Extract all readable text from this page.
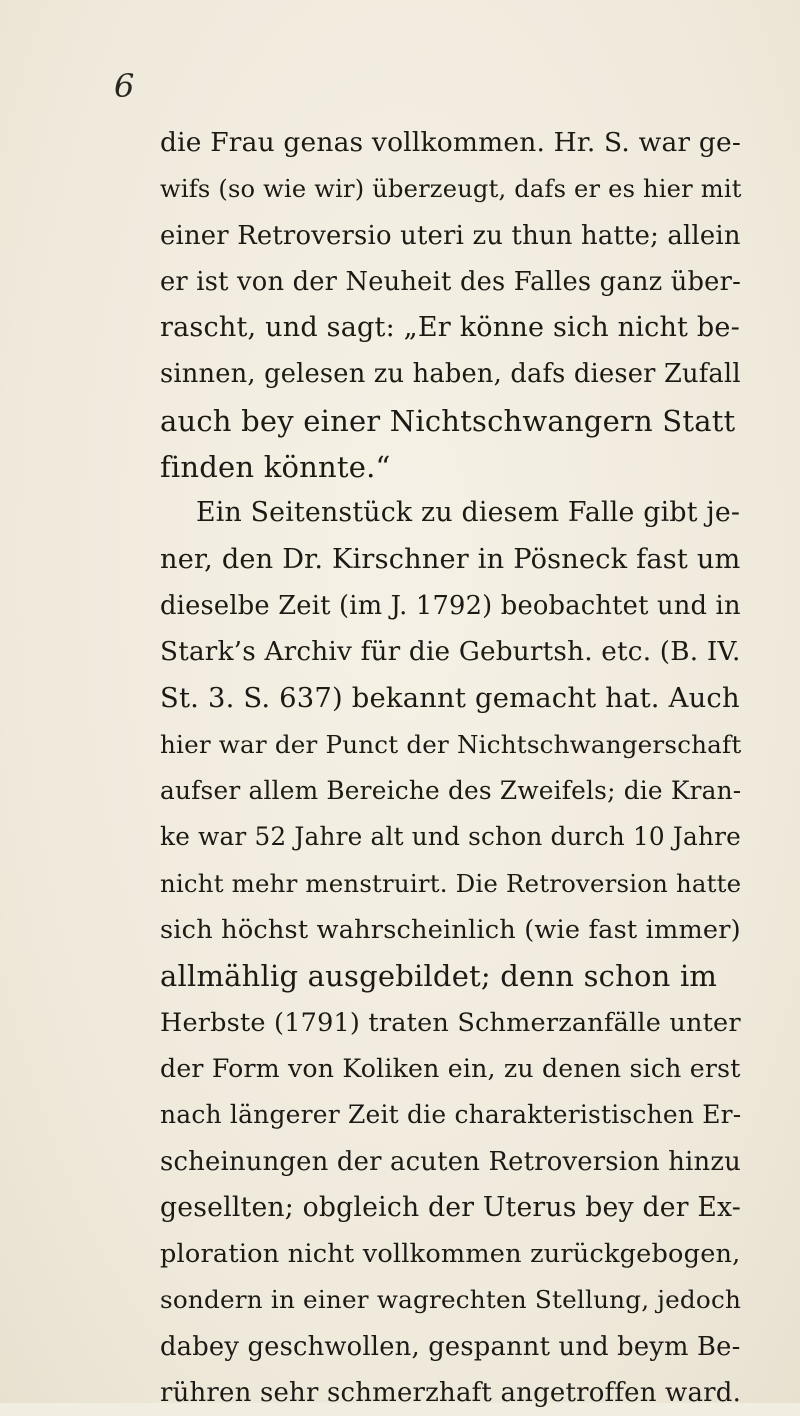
6
die Frau genas vollkommen. Hr. S. war ge-
wifs (so wie wir) überzeugt, dafs er es hier mit
einer Retroversio uteri zu thun hatte; allein
er ist von der Neuheit des Falles ganz über-
rascht, und sagt: „Er könne sich nicht be-
sinnen, gelesen zu haben, dafs dieser Zufall
auch bey einer Nichtschwangern Statt
finden könnte.“
Ein Seitenstück zu diesem Falle gibt je-
ner, den Dr. Kirschner in Pösneck fast um
dieselbe Zeit (im J. 1792) beobachtet und in
Stark’s Archiv für die Geburtsh. etc. (B. IV.
St. 3. S. 637) bekannt gemacht hat. Auch
hier war der Punct der Nichtschwangerschaft
aufser allem Bereiche des Zweifels; die Kran-
ke war 52 Jahre alt und schon durch 10 Jahre
nicht mehr menstruirt. Die Retroversion hatte
sich höchst wahrscheinlich (wie fast immer)
allmählig ausgebildet; denn schon im
Herbste (1791) traten Schmerzanfälle unter
der Form von Koliken ein, zu denen sich erst
nach längerer Zeit die charakteristischen Er-
scheinungen der acuten Retroversion hinzu
gesellten; obgleich der Uterus bey der Ex-
ploration nicht vollkommen zurückgebogen,
sondern in einer wagrechten Stellung, jedoch
dabey geschwollen, gespannt und beym Be-
rühren sehr schmerzhaft angetroffen ward.
